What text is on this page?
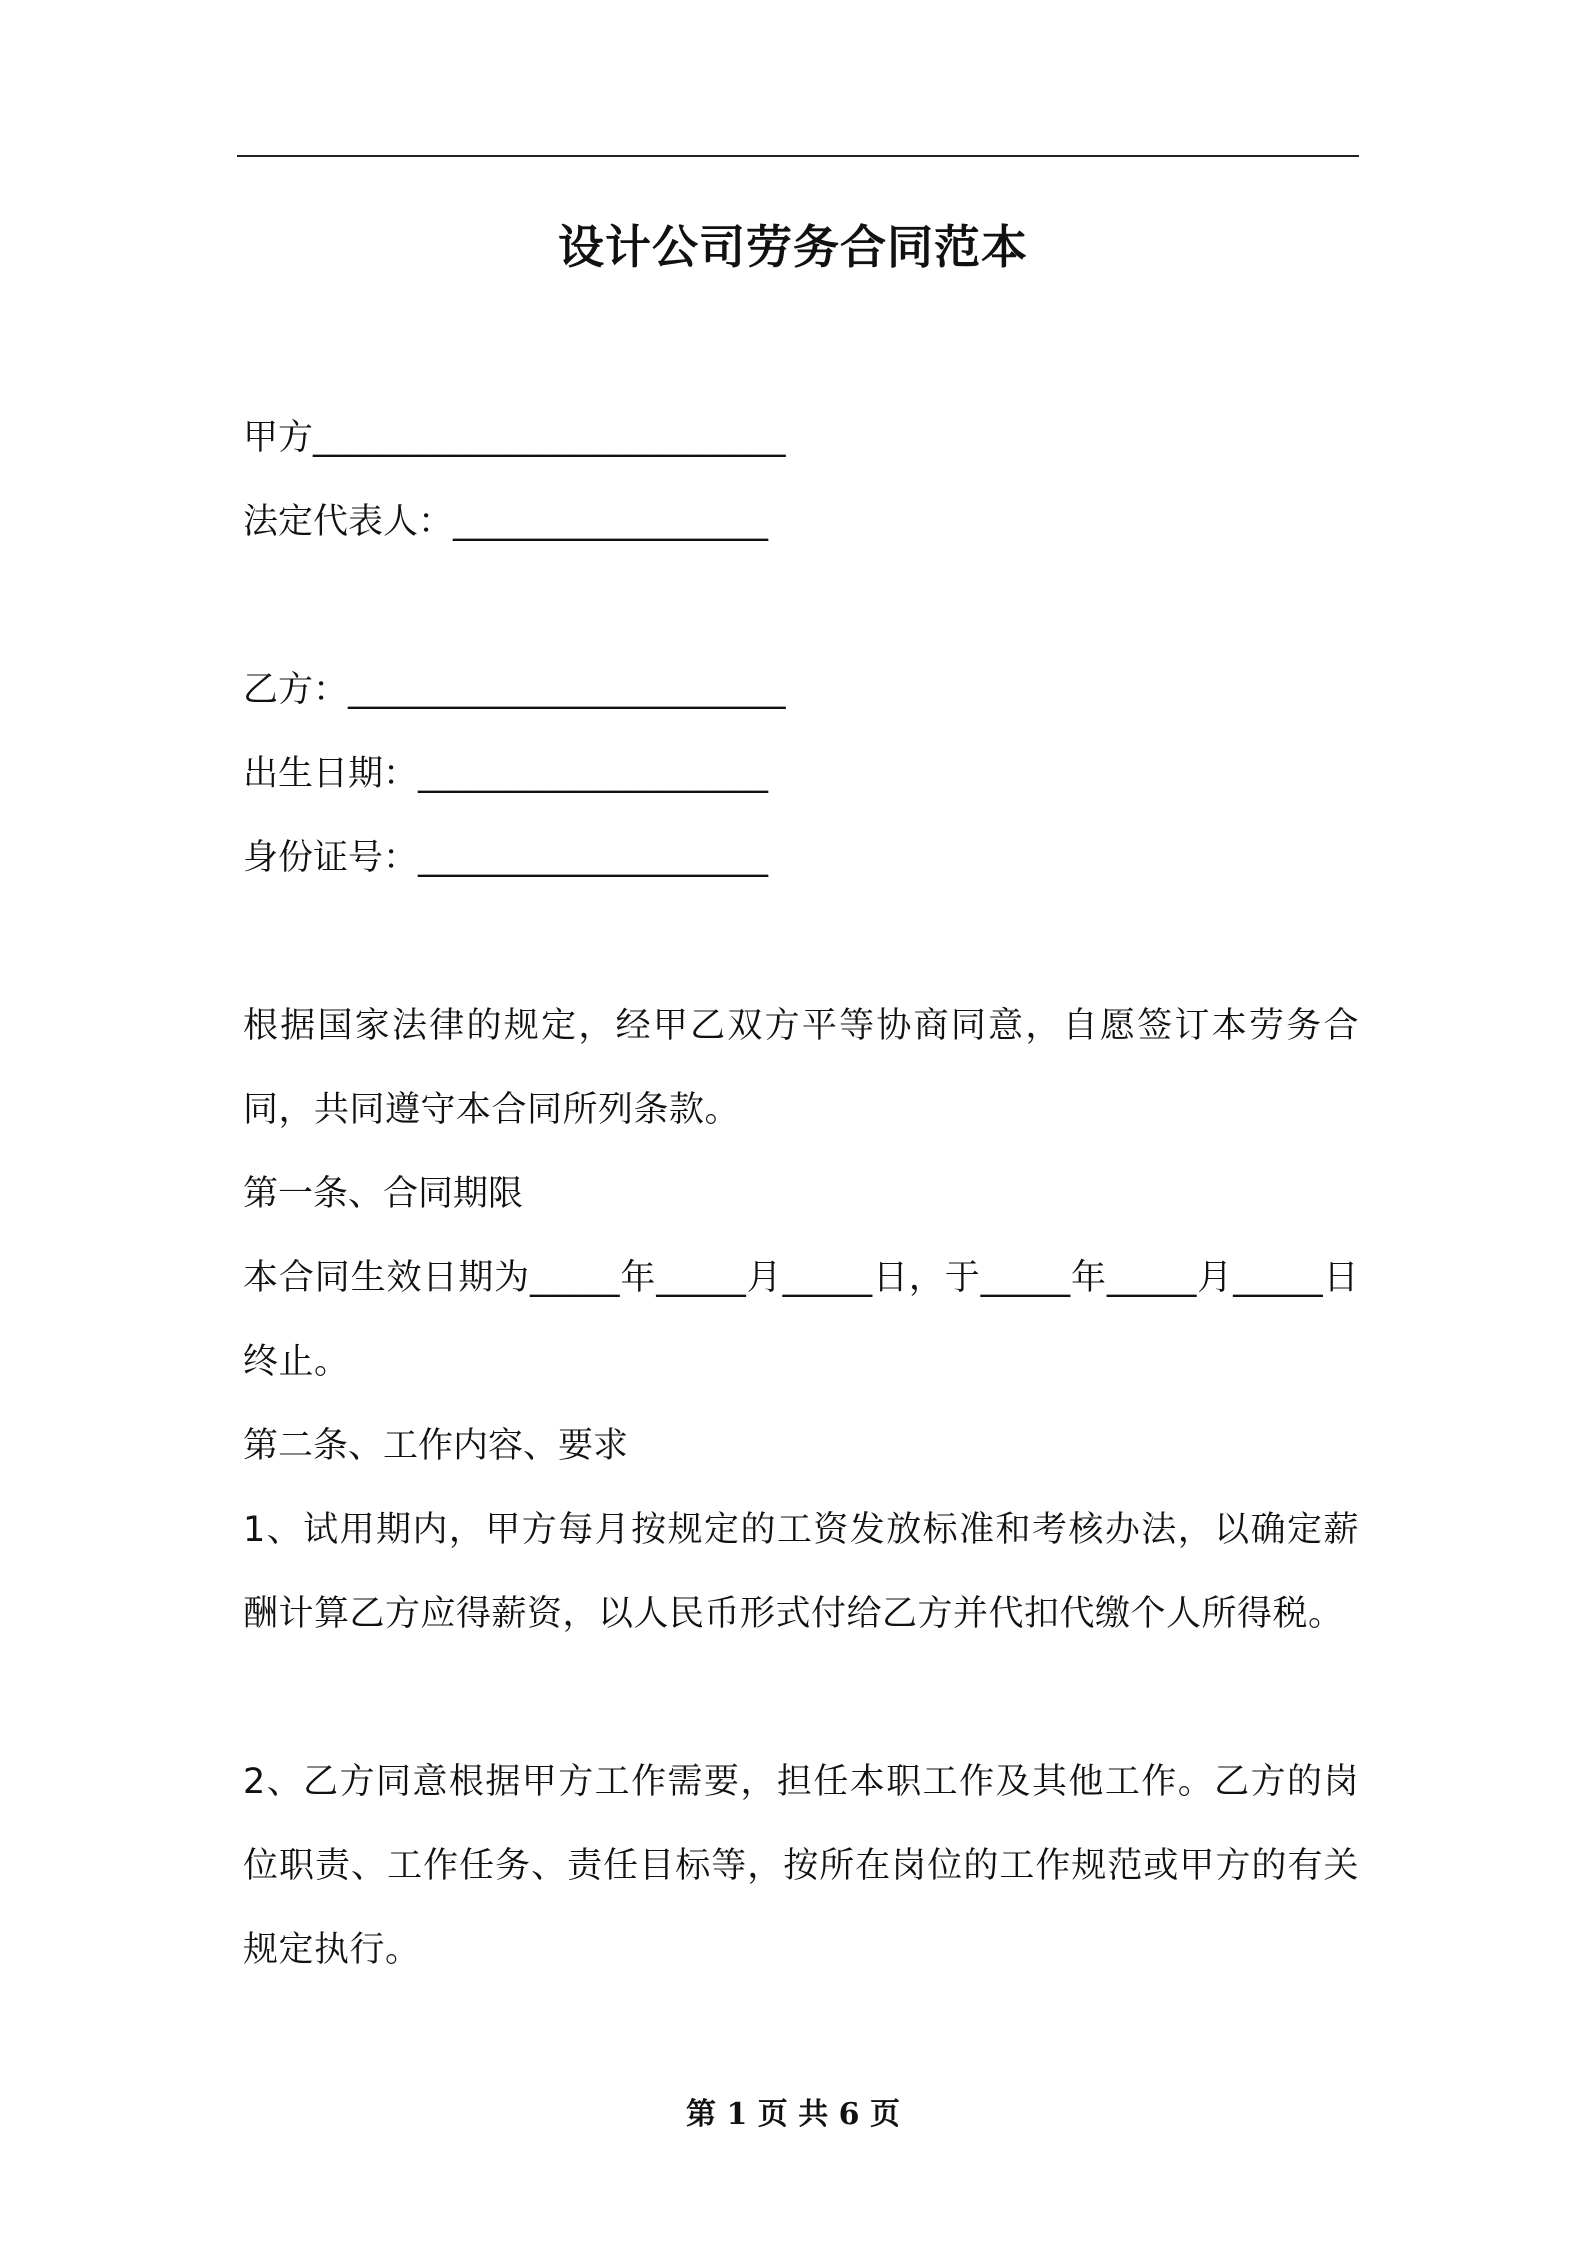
设计公司劳务合同范本

甲方___________________________

法定代表人：__________________

乙方：_________________________

出生日期：____________________

身份证号：____________________

根据国家法律的规定，经甲乙双方平等协商同意，自愿签订本劳务合同，共同遵守本合同所列条款。

第一条、合同期限

本合同生效日期为_____年_____月_____日，于_____年_____月_____日终止。

第二条、工作内容、要求

1、试用期内，甲方每月按规定的工资发放标准和考核办法，以确定薪酬计算乙方应得薪资，以人民币形式付给乙方并代扣代缴个人所得税。

2、乙方同意根据甲方工作需要，担任本职工作及其他工作。乙方的岗位职责、工作任务、责任目标等，按所在岗位的工作规范或甲方的有关规定执行。

第 1 页 共 6 页
